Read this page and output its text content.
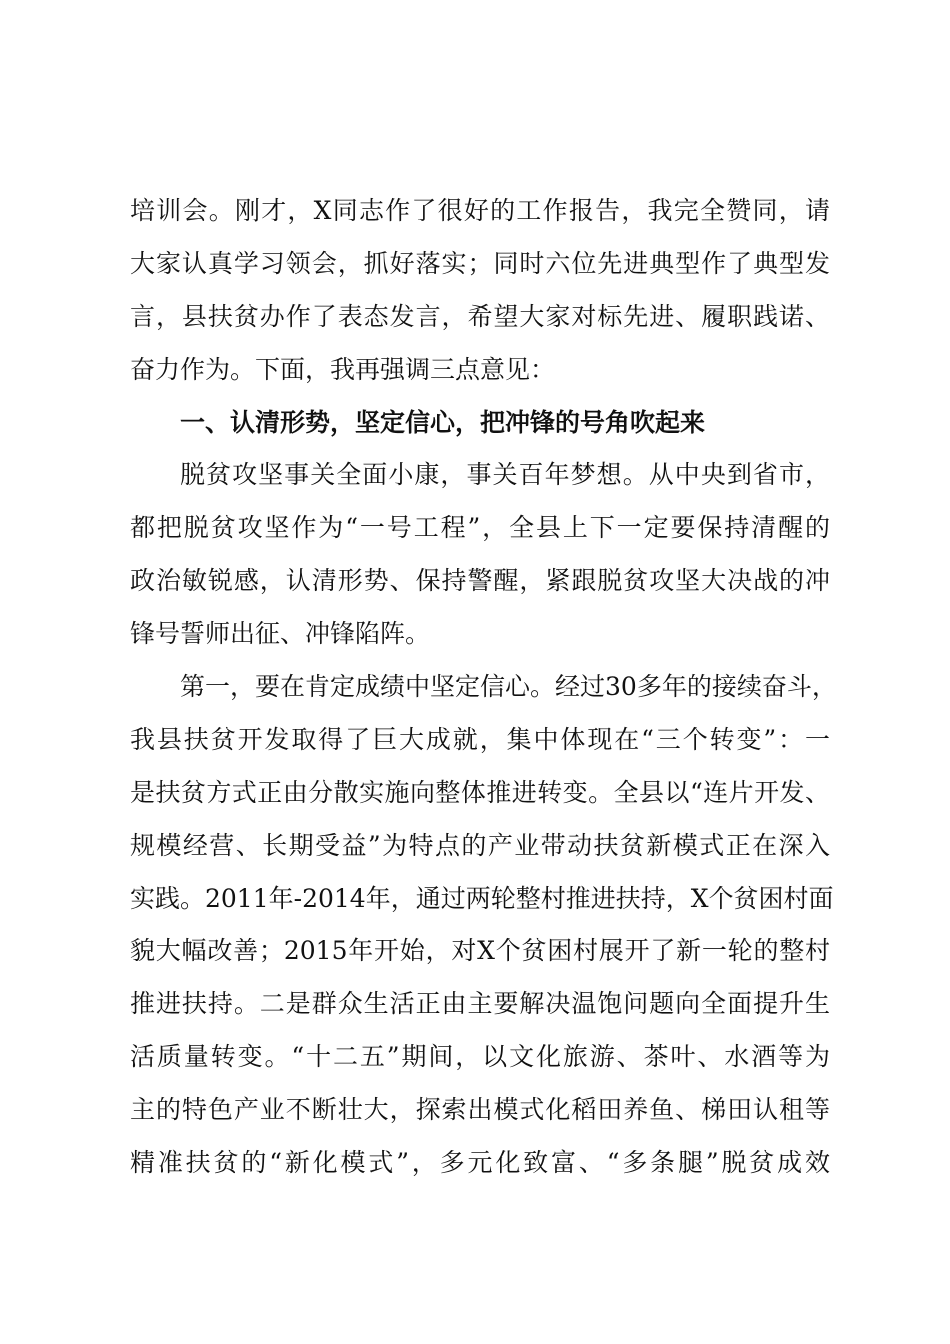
培训会。刚才，X同志作了很好的工作报告，我完全赞同，请
大家认真学习领会，抓好落实；同时六位先进典型作了典型发
言，县扶贫办作了表态发言，希望大家对标先进、履职践诺、
奋力作为。下面，我再强调三点意见：
一、认清形势，坚定信心，把冲锋的号角吹起来
脱贫攻坚事关全面小康，事关百年梦想。从中央到省市，
都把脱贫攻坚作为“一号工程”，全县上下一定要保持清醒的
政治敏锐感，认清形势、保持警醒，紧跟脱贫攻坚大决战的冲
锋号誓师出征、冲锋陷阵。
第一，要在肯定成绩中坚定信心。经过30多年的接续奋斗，
我县扶贫开发取得了巨大成就，集中体现在“三个转变”：一
是扶贫方式正由分散实施向整体推进转变。全县以“连片开发、
规模经营、长期受益”为特点的产业带动扶贫新模式正在深入
实践。2011年-2014年，通过两轮整村推进扶持，X个贫困村面
貌大幅改善；2015年开始，对X个贫困村展开了新一轮的整村
推进扶持。二是群众生活正由主要解决温饱问题向全面提升生
活质量转变。“十二五”期间，以文化旅游、茶叶、水酒等为
主的特色产业不断壮大，探索出模式化稻田养鱼、梯田认租等
精准扶贫的“新化模式”，多元化致富、“多条腿”脱贫成效
